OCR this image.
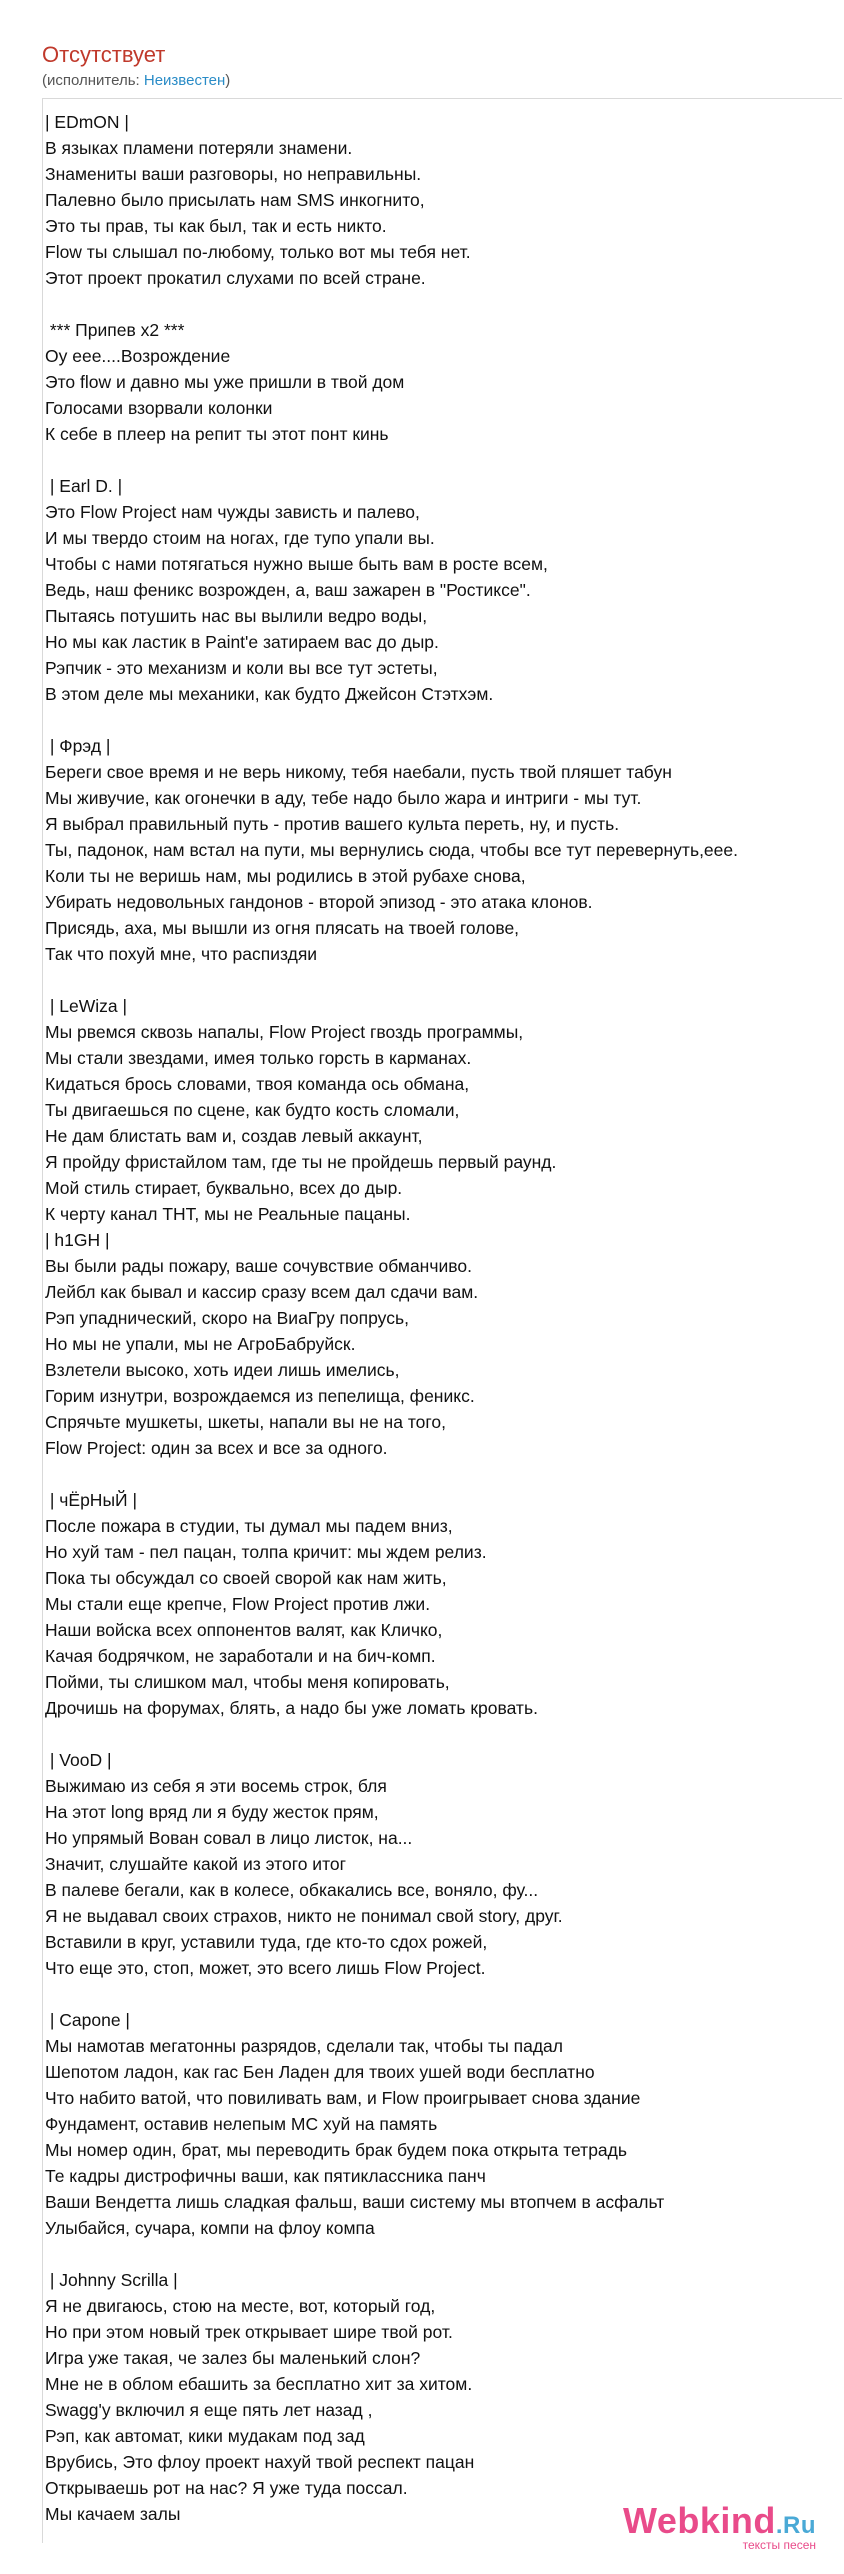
Отсутствует
(исполнитель: Неизвестен)
| EDmON |
В языках пламени потеряли знамени.
Знамениты ваши разговоры, но неправильны.
Палевно было присылать нам SMS инкогнито,
Это ты прав, ты как был, так и есть никто.
Flow ты слышал по-любому, только вот мы тебя нет.
Этот проект прокатил слухами по всей стране.
*** Припев x2 ***
Оу еее....Возрождение
Это flow и давно мы уже пришли в твой дом
Голосами взорвали колонки
К себе в плеер на репит ты этот понт кинь
| Earl D. |
Это Flow Project нам чужды зависть и палево,
И мы твердо стоим на ногах, где тупо упали вы.
Чтобы с нами потягаться нужно выше быть вам в росте всем,
Ведь, наш феникс возрожден, а, ваш зажарен в "Ростиксе".
Пытаясь потушить нас вы вылили ведро воды,
Но мы как ластик в Paint'e затираем вас до дыр.
Рэпчик - это механизм и коли вы все тут эстеты,
В этом деле мы механики, как будто Джейсон Стэтхэм.
| Фрэд |
Береги свое время и не верь никому, тебя наебали, пусть твой пляшет табун
Мы живучие, как огонечки в аду, тебе надо было жара и интриги - мы тут.
Я выбрал правильный путь - против вашего культа переть, ну, и пусть.
Ты, падонок, нам встал на пути, мы вернулись сюда, чтобы все тут перевернуть,еее.
Коли ты не веришь нам, мы родились в этой рубахе снова,
Убирать недовольных гандонов - второй эпизод - это атака клонов.
Присядь, аха, мы вышли из огня плясать на твоей голове,
Так что похуй мне, что распиздяи
| LeWiza |
Мы рвемся сквозь напалы, Flow Project гвоздь программы,
Мы стали звездами, имея только горсть в карманах.
Кидаться брось словами, твоя команда ось обмана,
Ты двигаешься по сцене, как будто кость сломали,
Не дам блистать вам и, создав левый аккаунт,
Я пройду фристайлом там, где ты не пройдешь первый раунд.
Мой стиль стирает, буквально, всех до дыр.
К черту канал ТНТ, мы не Реальные пацаны.
| h1GH |
Вы были рады пожару, ваше сочувствие обманчиво.
Лейбл как бывал и кассир сразу всем дал сдачи вам.
Рэп упаднический, скоро на ВиаГру попрусь,
Но мы не упали, мы не АгроБабруйск.
Взлетели высоко, хоть идеи лишь имелись,
Горим изнутри, возрождаемся из пепелища, феникс.
Спрячьте мушкеты, шкеты, напали вы не на того,
Flow Project: один за всех и все за одного.
| чЁрНыЙ |
После пожара в студии, ты думал мы падем вниз,
Но хуй там - пел пацан, толпа кричит: мы ждем релиз.
Пока ты обсуждал со своей сворой как нам жить,
Мы стали еще крепче, Flow Project против лжи.
Наши войска всех оппонентов валят, как Кличко,
Качая бодрячком, не заработали и на бич-комп.
Пойми, ты слишком мал, чтобы меня копировать,
Дрочишь на форумах, блять, а надо бы уже ломать кровать.
| VooD |
Выжимаю из себя я эти восемь строк, бля
На этот long вряд ли я буду жесток прям,
Но упрямый Вован совал в лицо листок, на...
Значит, слушайте какой из этого итог
В палеве бегали, как в колесе, обкакались все, воняло, фу...
Я не выдавал своих страхов, никто не понимал свой story, друг.
Вставили в круг, уставили туда, где кто-то сдох рожей,
Что еще это, стоп, может, это всего лишь Flow Project.
| Capone |
Мы намотав мегатонны разрядов, сделали так, чтобы ты падал
Шепотом ладон, как гас Бен Ладен для твоих ушей води бесплатно
Что набито ватой, что повиливать вам, и Flow проигрывает снова здание
Фундамент, оставив нелепым МС хуй на память
Мы номер один, брат, мы переводить брак будем пока открыта тетрадь
Те кадры дистрофичны ваши, как пятиклассника панч
Ваши Вендетта лишь сладкая фальш, ваши систему мы втопчем в асфальт
Улыбайся, сучара, компи на флоу компа
| Johnny Scrilla |
Я не двигаюсь, стою на месте, вот, который год,
Но при этом новый трек открывает шире твой рот.
Игра уже такая, че залез бы маленький слон?
Мне не в облом ебашить за бесплатно хит за хитом.
Swagg'y включил я еще пять лет назад ,
Рэп, как автомат, кики мудакам под зад
Врубись, Это флоу проект нахуй твой респект пацан
Открываешь рот на нас? Я уже туда поссал.
Мы качаем залы	Webkind.Ru
тексты песен
